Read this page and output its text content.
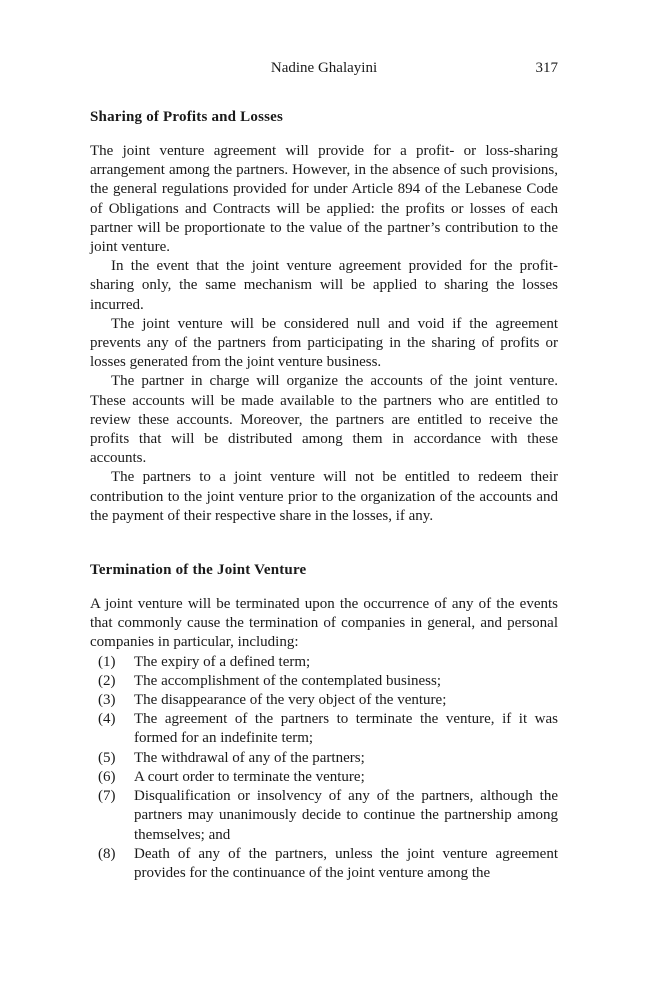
Nadine Ghalayini	317
Sharing of Profits and Losses

The joint venture agreement will provide for a profit- or loss-sharing arrangement among the partners. However, in the absence of such provisions, the general regulations provided for under Article 894 of the Lebanese Code of Obligations and Contracts will be applied: the profits or losses of each partner will be proportionate to the value of the partner’s contribution to the joint venture.

In the event that the joint venture agreement provided for the profit-sharing only, the same mechanism will be applied to sharing the losses incurred.

The joint venture will be considered null and void if the agreement prevents any of the partners from participating in the sharing of profits or losses generated from the joint venture business.

The partner in charge will organize the accounts of the joint venture. These accounts will be made available to the partners who are entitled to review these accounts. Moreover, the partners are entitled to receive the profits that will be distributed among them in accordance with these accounts.

The partners to a joint venture will not be entitled to redeem their contribution to the joint venture prior to the organization of the accounts and the payment of their respective share in the losses, if any.

Termination of the Joint Venture

A joint venture will be terminated upon the occurrence of any of the events that commonly cause the termination of companies in general, and personal companies in particular, including:

(1) The expiry of a defined term;
(2) The accomplishment of the contemplated business;
(3) The disappearance of the very object of the venture;
(4) The agreement of the partners to terminate the venture, if it was formed for an indefinite term;
(5) The withdrawal of any of the partners;
(6) A court order to terminate the venture;
(7) Disqualification or insolvency of any of the partners, although the partners may unanimously decide to continue the partnership among themselves; and
(8) Death of any of the partners, unless the joint venture agreement provides for the continuance of the joint venture among the
